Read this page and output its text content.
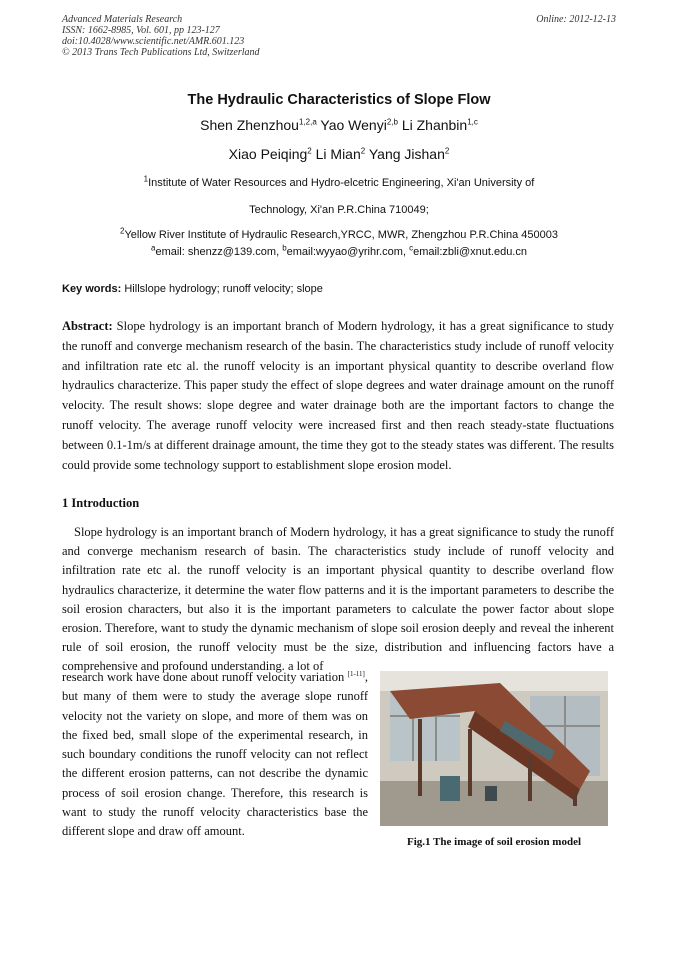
Advanced Materials Research
ISSN: 1662-8985, Vol. 601, pp 123-127
doi:10.4028/www.scientific.net/AMR.601.123
© 2013 Trans Tech Publications Ltd, Switzerland
Online: 2012-12-13
The Hydraulic Characteristics of Slope Flow
Shen Zhenzhou$^{1,2,a}$ Yao Wenyi$^{2,b}$ Li Zhanbin$^{1,c}$
Xiao Peiqing$^2$ Li Mian$^2$ Yang Jishan$^2$
$^1$Institute of Water Resources and Hydro-elcetric Engineering, Xi'an University of
Technology, Xi'an P.R.China 710049;
$^2$Yellow River Institute of Hydraulic Research,YRCC, MWR, Zhengzhou P.R.China 450003
$^a$email: shenzz@139.com, $^b$email:wyyao@yrihr.com, $^c$email:zbli@xnut.edu.cn
Key words: Hillslope hydrology; runoff velocity; slope
Abstract: Slope hydrology is an important branch of Modern hydrology, it has a great significance to study the runoff and converge mechanism research of the basin. The characteristics study include of runoff velocity and infiltration rate etc al. the runoff velocity is an important physical quantity to describe overland flow hydraulics characterize. This paper study the effect of slope degrees and water drainage amount on the runoff velocity. The result shows: slope degree and water drainage both are the important factors to change the runoff velocity. The average runoff velocity were increased first and then reach steady-state fluctuations between 0.1-1m/s at different drainage amount, the time they got to the steady states was different. The results could provide some technology support to establishment slope erosion model.
1 Introduction
Slope hydrology is an important branch of Modern hydrology, it has a great significance to study the runoff and converge mechanism research of basin. The characteristics study include of runoff velocity and infiltration rate etc al. the runoff velocity is an important physical quantity to describe overland flow hydraulics characterize, it determine the water flow patterns and it is the important parameters to describe the soil erosion characters, but also it is the important parameters to calculate the power factor about slope erosion. Therefore, want to study the dynamic mechanism of slope soil erosion deeply and reveal the inherent rule of soil erosion, the runoff velocity must be the size, distribution and influencing factors have a comprehensive and profound understanding. a lot of
research work have done about runoff velocity variation [1-11], but many of them were to study the average slope runoff velocity not the variety on slope, and more of them was on the fixed bed, small slope of the experimental research, in such boundary conditions the runoff velocity can not reflect the different erosion patterns, can not describe the dynamic process of soil erosion change. Therefore, this research is want to study the runoff velocity characteristics base the different slope and draw off amount.
Fig.1 The image of soil erosion model
